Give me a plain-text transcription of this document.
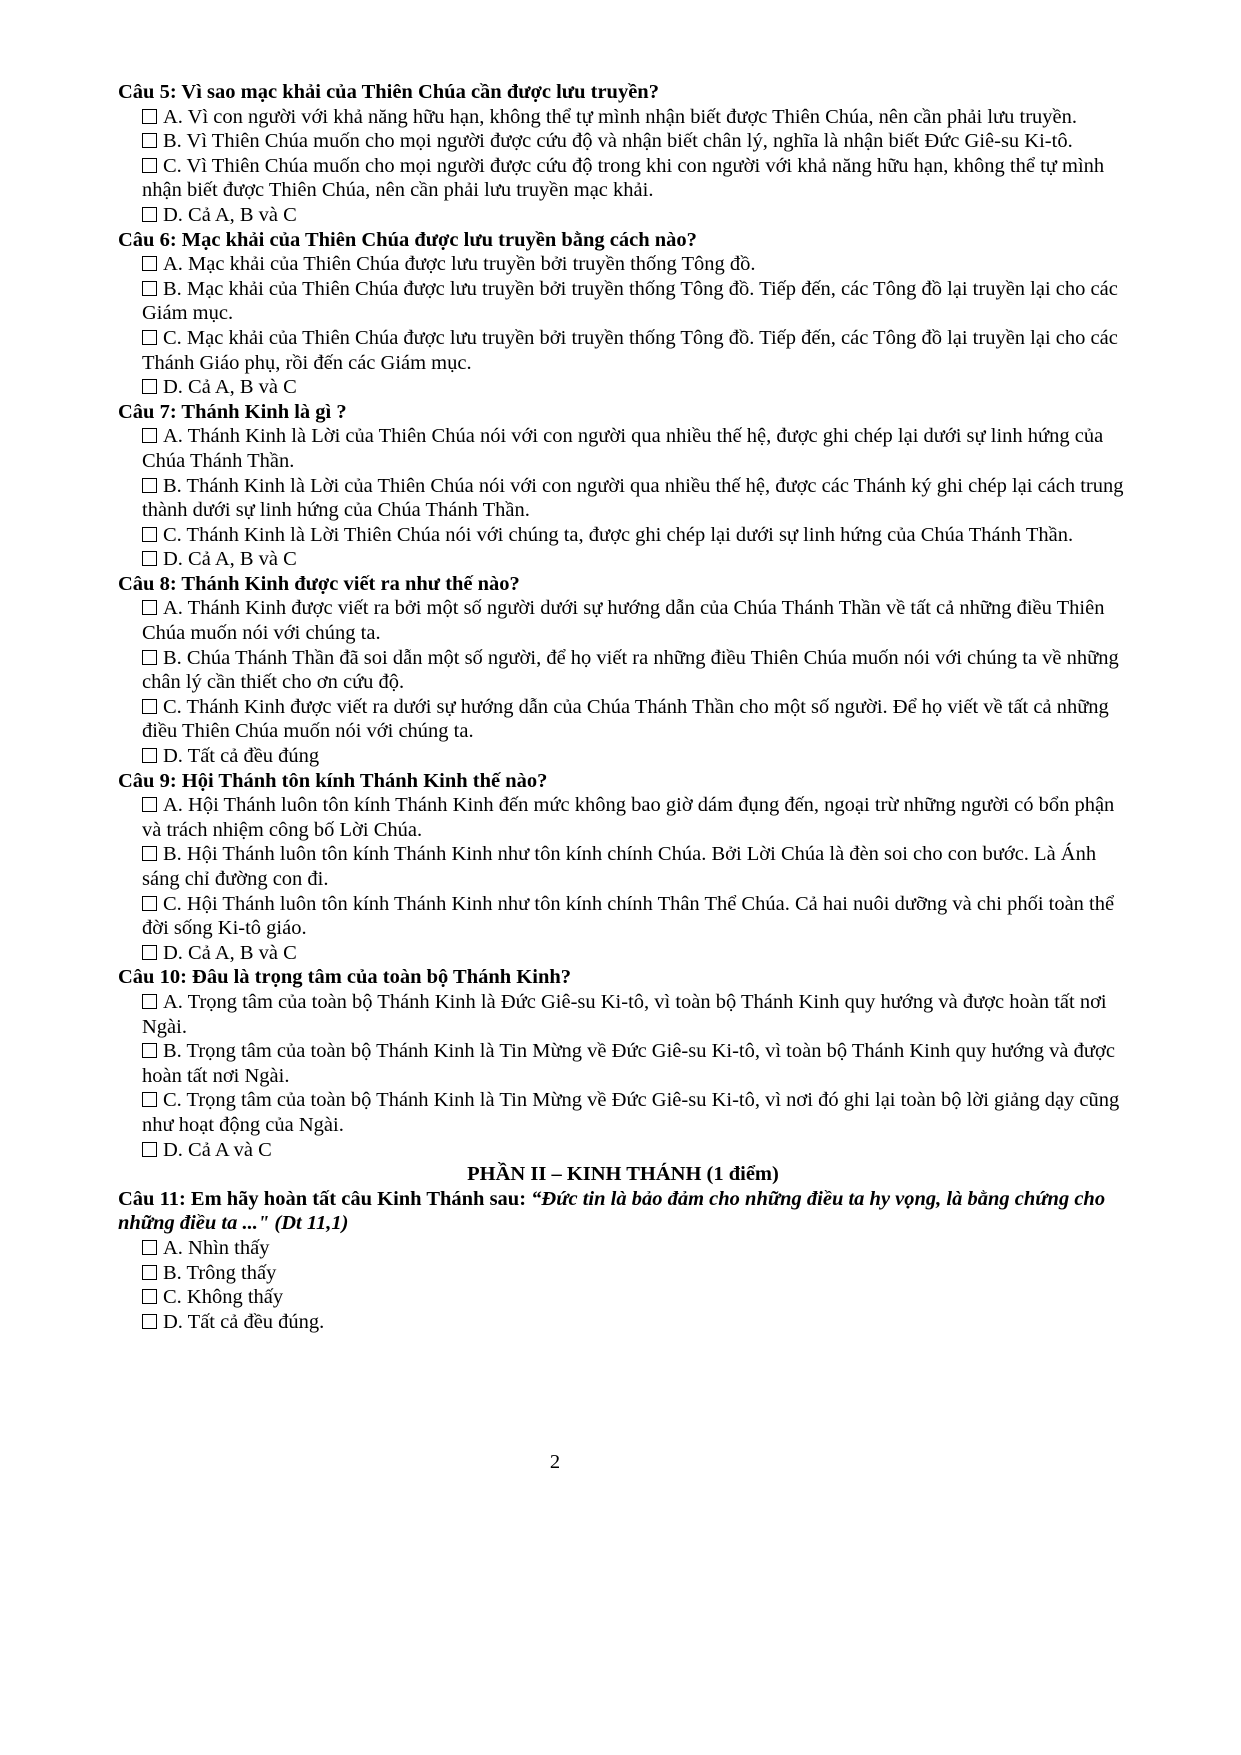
Câu 5: Vì sao mạc khải của Thiên Chúa cần được lưu truyền?
A. Vì con người với khả năng hữu hạn, không thể tự mình nhận biết được Thiên Chúa, nên cần phải lưu truyền.
B. Vì Thiên Chúa muốn cho mọi người được cứu độ và nhận biết chân lý, nghĩa là nhận biết Đức Giê-su Ki-tô.
C. Vì Thiên Chúa muốn cho mọi người được cứu độ trong khi con người với khả năng hữu hạn, không thể tự mình nhận biết được Thiên Chúa, nên cần phải lưu truyền mạc khải.
D. Cả A, B và C
Câu 6: Mạc khải của Thiên Chúa được lưu truyền bằng cách nào?
A. Mạc khải của Thiên Chúa được lưu truyền bởi truyền thống Tông đồ.
B. Mạc khải của Thiên Chúa được lưu truyền bởi truyền thống Tông đồ. Tiếp đến, các Tông đồ lại truyền lại cho các Giám mục.
C. Mạc khải của Thiên Chúa được lưu truyền bởi truyền thống Tông đồ. Tiếp đến, các Tông đồ lại truyền lại cho các Thánh Giáo phụ, rồi đến các Giám mục.
D. Cả A, B và C
Câu 7: Thánh Kinh là gì ?
A. Thánh Kinh là Lời của Thiên Chúa nói với con người qua nhiều thế hệ, được ghi chép lại dưới sự linh hứng của Chúa Thánh Thần.
B. Thánh Kinh là Lời của Thiên Chúa nói với con người qua nhiều thế hệ, được các Thánh ký ghi chép lại cách trung thành dưới sự linh hứng của Chúa Thánh Thần.
C. Thánh Kinh là Lời Thiên Chúa nói với chúng ta, được ghi chép lại dưới sự linh hứng của Chúa Thánh Thần.
D. Cả A, B và C
Câu 8: Thánh Kinh được viết ra như thế nào?
A. Thánh Kinh được viết ra bởi một số người dưới sự hướng dẫn của Chúa Thánh Thần về tất cả những điều Thiên Chúa muốn nói với chúng ta.
B. Chúa Thánh Thần đã soi dẫn một số người, để họ viết ra những điều Thiên Chúa muốn nói với chúng ta về những chân lý cần thiết cho ơn cứu độ.
C. Thánh Kinh được viết ra dưới sự hướng dẫn của Chúa Thánh Thần cho một số người. Để họ viết về tất cả những điều Thiên Chúa muốn nói với chúng ta.
D. Tất cả đều đúng
Câu 9: Hội Thánh tôn kính Thánh Kinh thế nào?
A. Hội Thánh luôn tôn kính Thánh Kinh đến mức không bao giờ dám đụng đến, ngoại trừ những người có bổn phận và trách nhiệm công bố Lời Chúa.
B. Hội Thánh luôn tôn kính Thánh Kinh như tôn kính chính Chúa. Bởi Lời Chúa là đèn soi cho con bước. Là Ánh sáng chỉ đường con đi.
C. Hội Thánh luôn tôn kính Thánh Kinh như tôn kính chính Thân Thể Chúa. Cả hai nuôi dưỡng và chi phối toàn thể đời sống Ki-tô giáo.
D. Cả A, B và C
Câu 10: Đâu là trọng tâm của toàn bộ Thánh Kinh?
A. Trọng tâm của toàn bộ Thánh Kinh là Đức Giê-su Ki-tô, vì toàn bộ Thánh Kinh quy hướng và được hoàn tất nơi Ngài.
B. Trọng tâm của toàn bộ Thánh Kinh là Tin Mừng về Đức Giê-su Ki-tô, vì toàn bộ Thánh Kinh quy hướng và được hoàn tất nơi Ngài.
C. Trọng tâm của toàn bộ Thánh Kinh là Tin Mừng về Đức Giê-su Ki-tô, vì nơi đó ghi lại toàn bộ lời giảng dạy cũng như hoạt động của Ngài.
D. Cả A và C
PHẦN II – KINH THÁNH (1 điểm)
Câu 11: Em hãy hoàn tất câu Kinh Thánh sau: “Đức tin là bảo đảm cho những điều ta hy vọng, là bằng chứng cho những điều ta ..." (Dt 11,1)
A. Nhìn thấy
B. Trông thấy
C. Không thấy
D. Tất cả đều đúng.
2
